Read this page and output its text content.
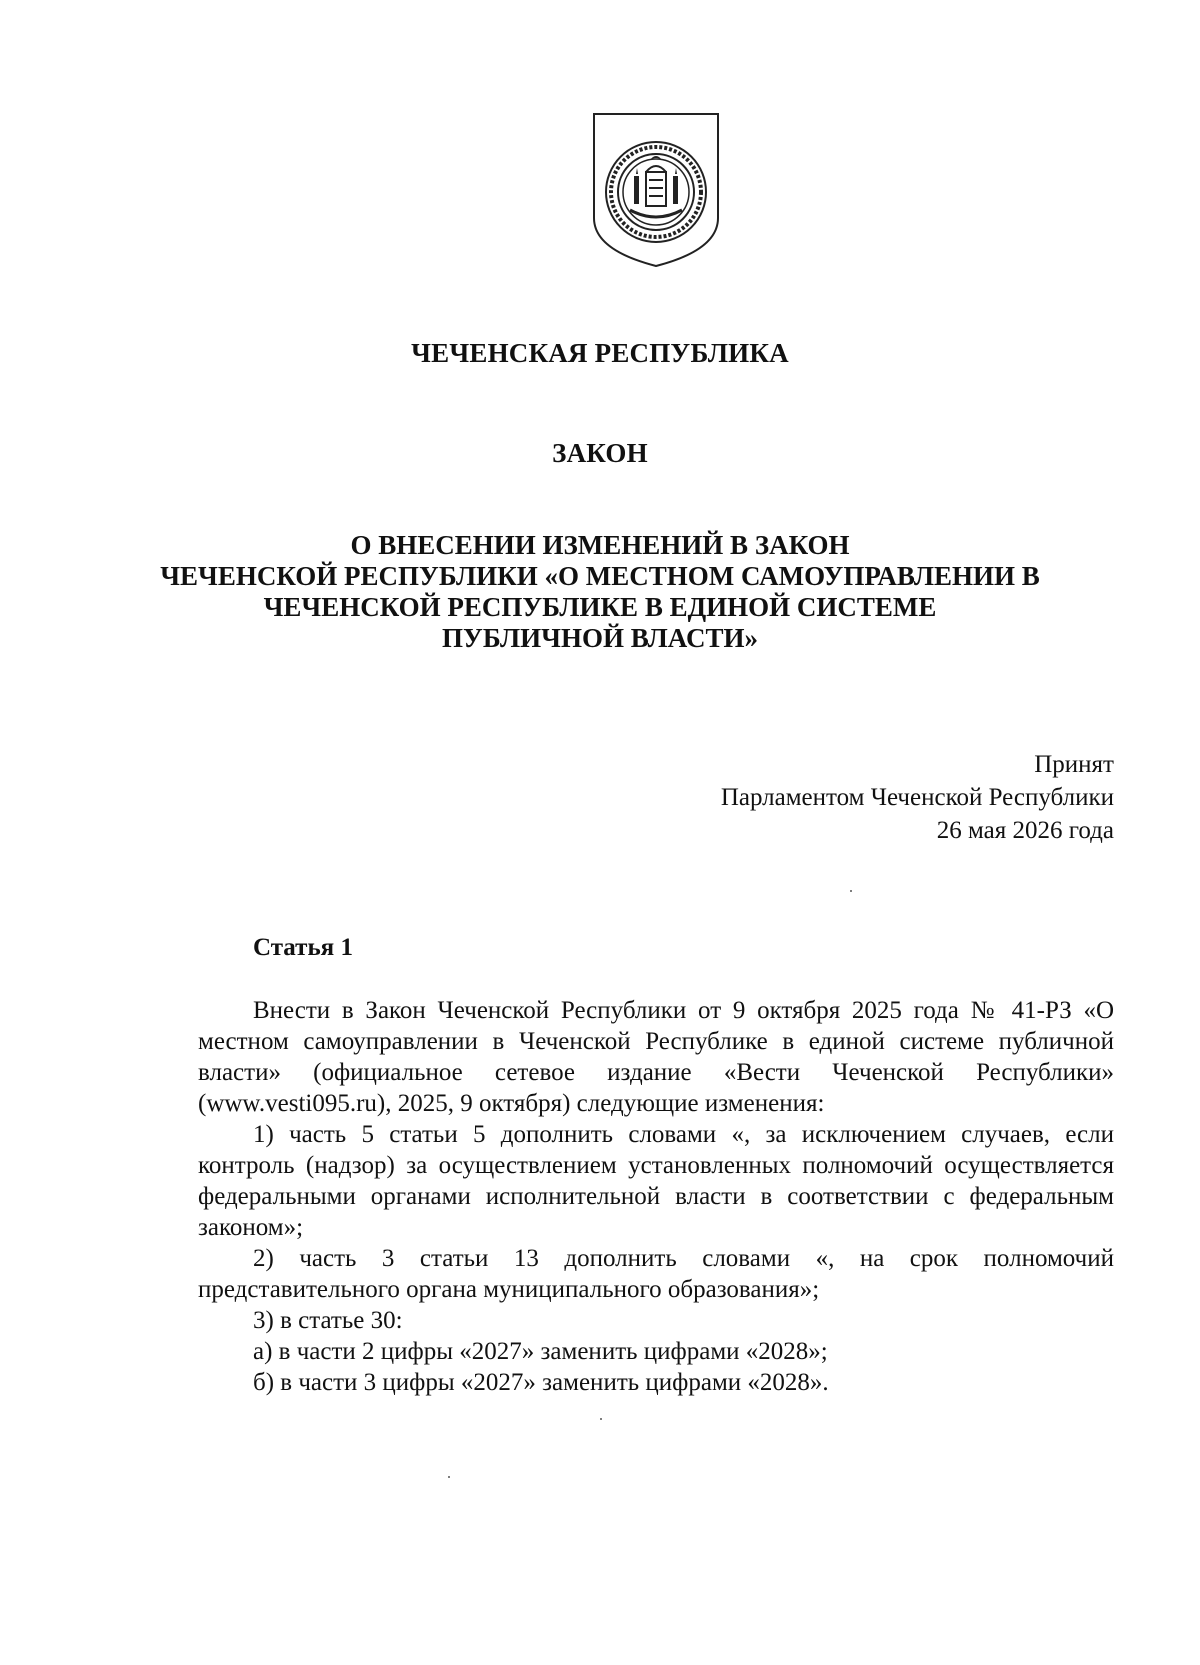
ЧЕЧЕНСКАЯ РЕСПУБЛИКА
ЗАКОН
О ВНЕСЕНИИ ИЗМЕНЕНИЙ В ЗАКОН
ЧЕЧЕНСКОЙ РЕСПУБЛИКИ «О МЕСТНОМ САМОУПРАВЛЕНИИ В
ЧЕЧЕНСКОЙ РЕСПУБЛИКЕ В ЕДИНОЙ СИСТЕМЕ
ПУБЛИЧНОЙ ВЛАСТИ»
Принят
Парламентом Чеченской Республики
26 мая 2026 года
Статья 1

Внести в Закон Чеченской Республики от 9 октября 2025 года № 41-РЗ «О местном самоуправлении в Чеченской Республике в единой системе публичной власти» (официальное сетевое издание «Вести Чеченской Республики» (www.vesti095.ru), 2025, 9 октября) следующие изменения:

1) часть 5 статьи 5 дополнить словами «, за исключением случаев, если контроль (надзор) за осуществлением установленных полномочий осуществляется федеральными органами исполнительной власти в соответствии с федеральным законом»;

2) часть 3 статьи 13 дополнить словами «, на срок полномочий представительного органа муниципального образования»;

3) в статье 30:

а) в части 2 цифры «2027» заменить цифрами «2028»;

б) в части 3 цифры «2027» заменить цифрами «2028».
